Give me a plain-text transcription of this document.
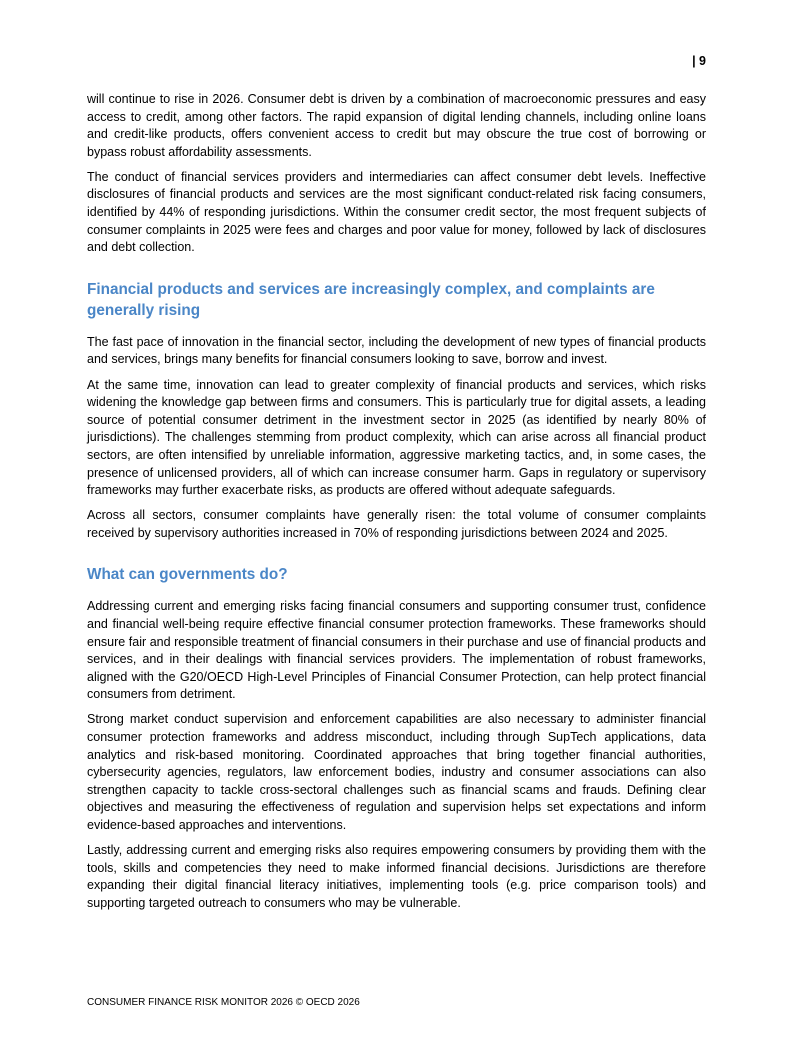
| 9

will continue to rise in 2026. Consumer debt is driven by a combination of macroeconomic pressures and easy access to credit, among other factors. The rapid expansion of digital lending channels, including online loans and credit-like products, offers convenient access to credit but may obscure the true cost of borrowing or bypass robust affordability assessments.

The conduct of financial services providers and intermediaries can affect consumer debt levels. Ineffective disclosures of financial products and services are the most significant conduct-related risk facing consumers, identified by 44% of responding jurisdictions. Within the consumer credit sector, the most frequent subjects of consumer complaints in 2025 were fees and charges and poor value for money, followed by lack of disclosures and debt collection.

Financial products and services are increasingly complex, and complaints are generally rising

The fast pace of innovation in the financial sector, including the development of new types of financial products and services, brings many benefits for financial consumers looking to save, borrow and invest.

At the same time, innovation can lead to greater complexity of financial products and services, which risks widening the knowledge gap between firms and consumers. This is particularly true for digital assets, a leading source of potential consumer detriment in the investment sector in 2025 (as identified by nearly 80% of jurisdictions). The challenges stemming from product complexity, which can arise across all financial product sectors, are often intensified by unreliable information, aggressive marketing tactics, and, in some cases, the presence of unlicensed providers, all of which can increase consumer harm. Gaps in regulatory or supervisory frameworks may further exacerbate risks, as products are offered without adequate safeguards.

Across all sectors, consumer complaints have generally risen: the total volume of consumer complaints received by supervisory authorities increased in 70% of responding jurisdictions between 2024 and 2025.

What can governments do?

Addressing current and emerging risks facing financial consumers and supporting consumer trust, confidence and financial well-being require effective financial consumer protection frameworks. These frameworks should ensure fair and responsible treatment of financial consumers in their purchase and use of financial products and services, and in their dealings with financial services providers. The implementation of robust frameworks, aligned with the G20/OECD High-Level Principles of Financial Consumer Protection, can help protect financial consumers from detriment.

Strong market conduct supervision and enforcement capabilities are also necessary to administer financial consumer protection frameworks and address misconduct, including through SupTech applications, data analytics and risk-based monitoring. Coordinated approaches that bring together financial authorities, cybersecurity agencies, regulators, law enforcement bodies, industry and consumer associations can also strengthen capacity to tackle cross-sectoral challenges such as financial scams and frauds. Defining clear objectives and measuring the effectiveness of regulation and supervision helps set expectations and inform evidence-based approaches and interventions.

Lastly, addressing current and emerging risks also requires empowering consumers by providing them with the tools, skills and competencies they need to make informed financial decisions. Jurisdictions are therefore expanding their digital financial literacy initiatives, implementing tools (e.g. price comparison tools) and supporting targeted outreach to consumers who may be vulnerable.

CONSUMER FINANCE RISK MONITOR 2026 © OECD 2026
